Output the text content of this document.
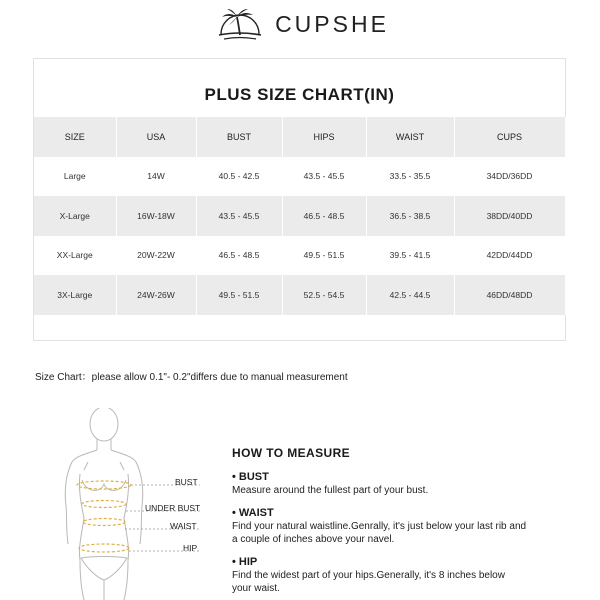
CUPSHE
PLUS SIZE CHART(IN)
SIZE	USA	BUST	HIPS	WAIST	CUPS
Large	14W	40.5 - 42.5	43.5 - 45.5	33.5 - 35.5	34DD/36DD
X-Large	16W-18W	43.5 - 45.5	46.5 - 48.5	36.5 - 38.5	38DD/40DD
XX-Large	20W-22W	46.5 - 48.5	49.5 - 51.5	39.5 - 41.5	42DD/44DD
3X-Large	24W-26W	49.5 - 51.5	52.5 - 54.5	42.5 - 44.5	46DD/48DD
Size Chart：please allow 0.1"- 0.2"differs due to manual measurement
BUST
UNDER BUST
WAIST
HIP
HOW TO MEASURE
• BUST
Measure around the fullest part of your bust.
• WAIST
Find your natural waistline.Genrally, it's just below your last rib and a couple of inches above your navel.
• HIP
Find the widest part of your hips.Generally, it's 8 inches below your waist.
